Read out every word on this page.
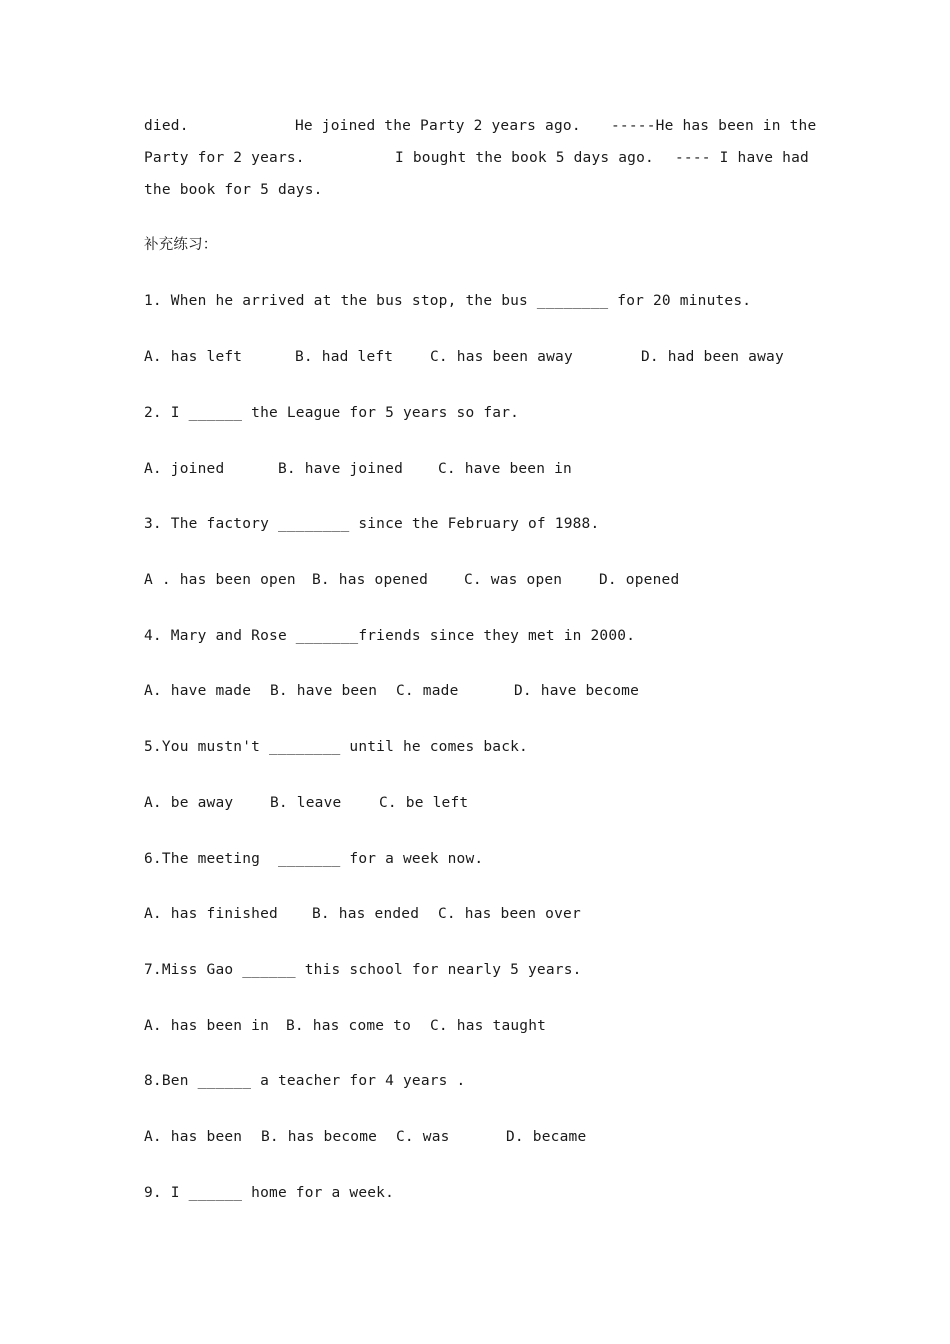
died.

	He joined the Party 2 years ago.

-----He has been in the

Party for 2 years.

	I bought the book 5 days ago.

---- I have had

the book for 5 days.
补充练习：
1. When he arrived at the bus stop, the bus ________ for 20 minutes.

A. has left

	B. had left

	C. has been away

	D. had been away

2. I ______ the League for 5 years so far.

A. joined

	B. have joined

C. have been in

3. The factory ________ since the February of 1988.

A . has been open

B. has opened

C. was open

	D. opened

4. Mary and Rose _______friends since they met in 2000.

A. have made

B. have been

C. made

	D. have become

5.You mustn't ________ until he comes back.

A. be away

	B. leave

	C. be left

6.The meeting  _______ for a week now.

A. has finished

B. has ended

C. has been over

7.Miss Gao ______ this school for nearly 5 years.

A. has been in

B. has come to

C. has taught

8.Ben ______ a teacher for 4 years .

A. has been

B. has become

C. was

	D. became

9. I ______ home for a week.
